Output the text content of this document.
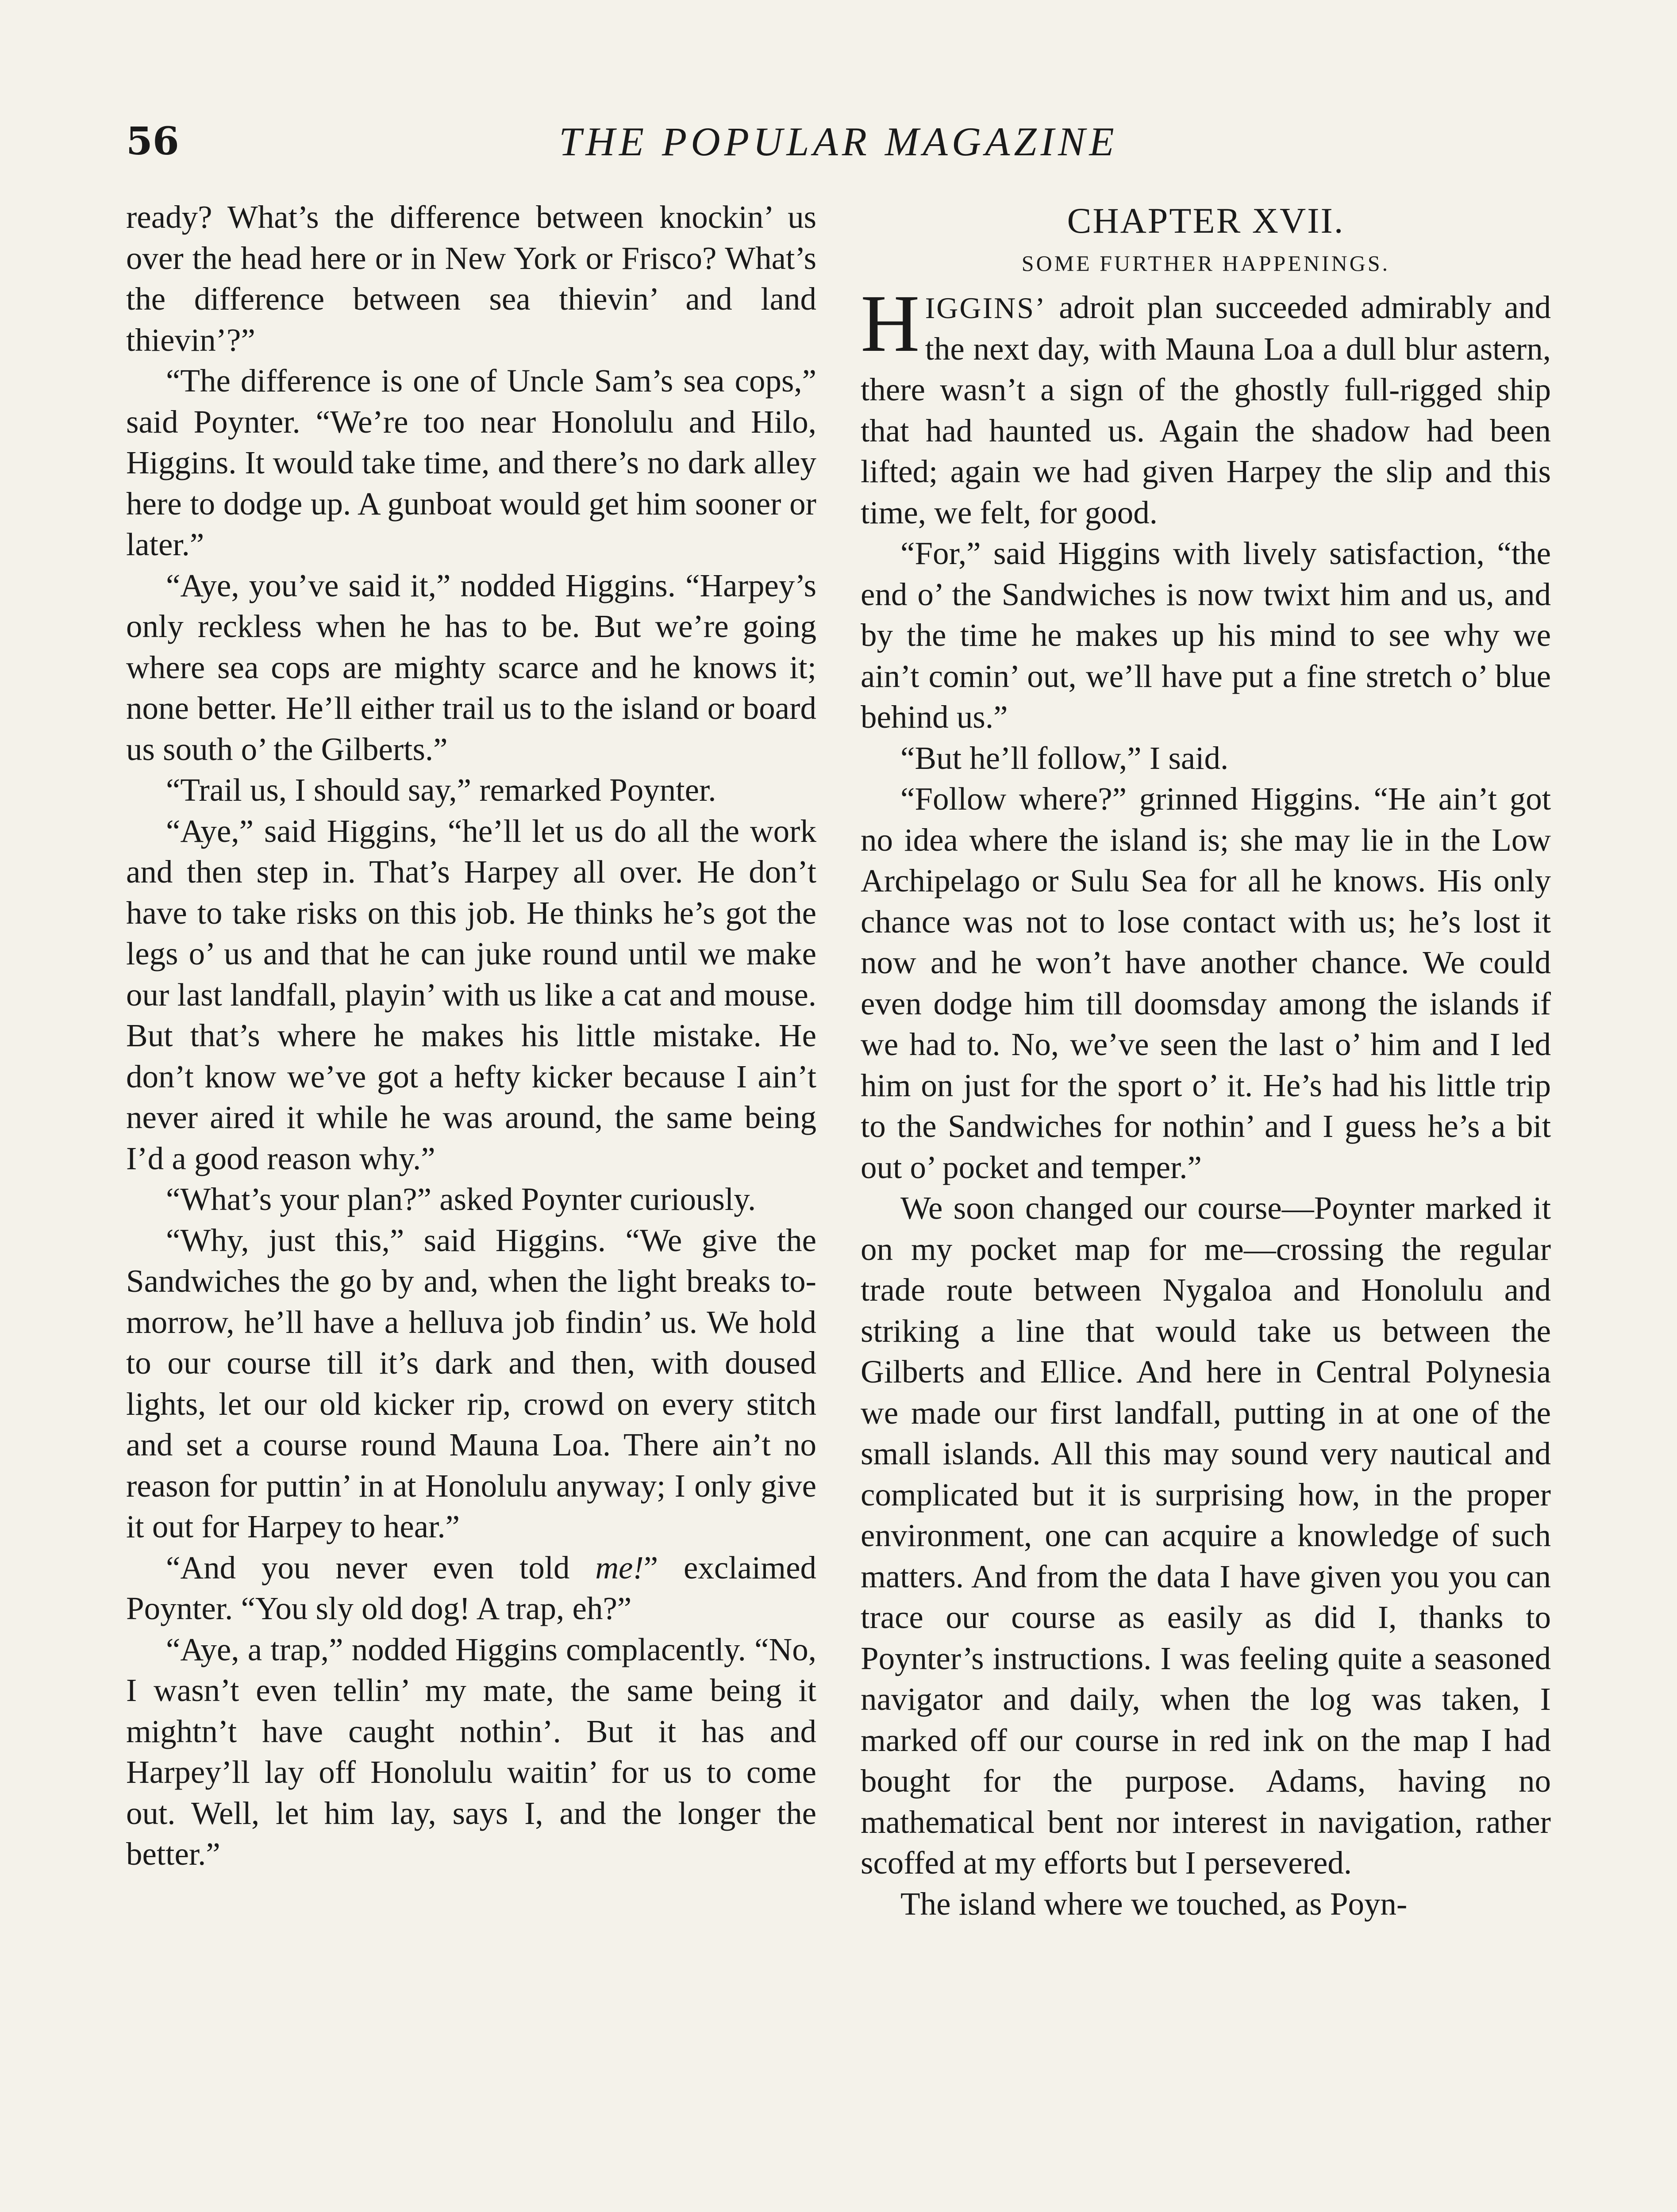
56	THE POPULAR MAGAZINE

ready? What’s the difference between knockin’ us over the head here or in New York or Frisco? What’s the difference between sea thievin’ and land thievin’?”

“The difference is one of Uncle Sam’s sea cops,” said Poynter. “We’re too near Honolulu and Hilo, Higgins. It would take time, and there’s no dark alley here to dodge up. A gunboat would get him sooner or later.”

“Aye, you’ve said it,” nodded Higgins. “Harpey’s only reckless when he has to be. But we’re going where sea cops are mighty scarce and he knows it; none better. He’ll either trail us to the island or board us south o’ the Gilberts.”

“Trail us, I should say,” remarked Poynter.

“Aye,” said Higgins, “he’ll let us do all the work and then step in. That’s Harpey all over. He don’t have to take risks on this job. He thinks he’s got the legs o’ us and that he can juke round until we make our last landfall, playin’ with us like a cat and mouse. But that’s where he makes his little mistake. He don’t know we’ve got a hefty kicker because I ain’t never aired it while he was around, the same being I’d a good reason why.”

“What’s your plan?” asked Poynter curiously.

“Why, just this,” said Higgins. “We give the Sandwiches the go by and, when the light breaks to-morrow, he’ll have a helluva job findin’ us. We hold to our course till it’s dark and then, with doused lights, let our old kicker rip, crowd on every stitch and set a course round Mauna Loa. There ain’t no reason for puttin’ in at Honolulu anyway; I only give it out for Harpey to hear.”

“And you never even told me!” exclaimed Poynter. “You sly old dog! A trap, eh?”

“Aye, a trap,” nodded Higgins complacently. “No, I wasn’t even tellin’ my mate, the same being it mightn’t have caught nothin’. But it has and Harpey’ll lay off Honolulu waitin’ for us to come out. Well, let him lay, says I, and the longer the better.”

CHAPTER XVII.
SOME FURTHER HAPPENINGS.

HIGGINS’ adroit plan succeeded admirably and the next day, with Mauna Loa a dull blur astern, there wasn’t a sign of the ghostly full-rigged ship that had haunted us. Again the shadow had been lifted; again we had given Harpey the slip and this time, we felt, for good.

“For,” said Higgins with lively satisfaction, “the end o’ the Sandwiches is now twixt him and us, and by the time he makes up his mind to see why we ain’t comin’ out, we’ll have put a fine stretch o’ blue behind us.”

“But he’ll follow,” I said.

“Follow where?” grinned Higgins. “He ain’t got no idea where the island is; she may lie in the Low Archipelago or Sulu Sea for all he knows. His only chance was not to lose contact with us; he’s lost it now and he won’t have another chance. We could even dodge him till doomsday among the islands if we had to. No, we’ve seen the last o’ him and I led him on just for the sport o’ it. He’s had his little trip to the Sandwiches for nothin’ and I guess he’s a bit out o’ pocket and temper.”

We soon changed our course—Poynter marked it on my pocket map for me—crossing the regular trade route between Nygaloa and Honolulu and striking a line that would take us between the Gilberts and Ellice. And here in Central Polynesia we made our first landfall, putting in at one of the small islands. All this may sound very nautical and complicated but it is surprising how, in the proper environment, one can acquire a knowledge of such matters. And from the data I have given you you can trace our course as easily as did I, thanks to Poynter’s instructions. I was feeling quite a seasoned navigator and daily, when the log was taken, I marked off our course in red ink on the map I had bought for the purpose. Adams, having no mathematical bent nor interest in navigation, rather scoffed at my efforts but I persevered.

The island where we touched, as Poyn-
